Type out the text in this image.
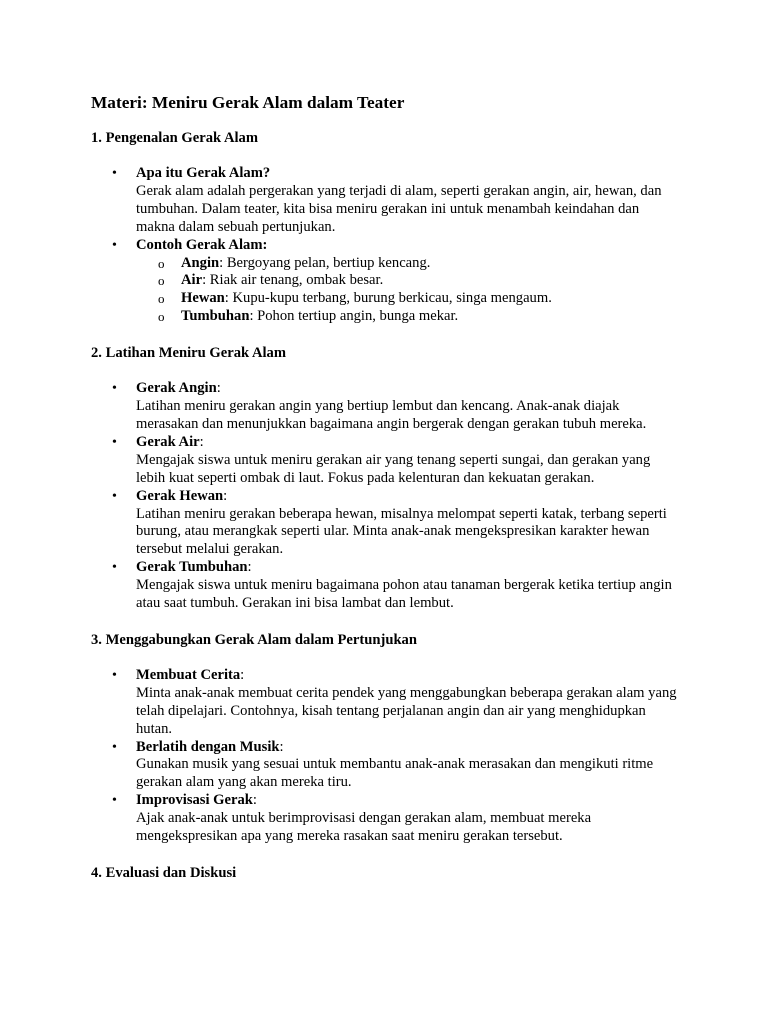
Materi: Meniru Gerak Alam dalam Teater
1. Pengenalan Gerak Alam
• Apa itu Gerak Alam?
Gerak alam adalah pergerakan yang terjadi di alam, seperti gerakan angin, air, hewan, dan tumbuhan. Dalam teater, kita bisa meniru gerakan ini untuk menambah keindahan dan makna dalam sebuah pertunjukan.
• Contoh Gerak Alam:
o Angin: Bergoyang pelan, bertiup kencang.
o Air: Riak air tenang, ombak besar.
o Hewan: Kupu-kupu terbang, burung berkicau, singa mengaum.
o Tumbuhan: Pohon tertiup angin, bunga mekar.
2. Latihan Meniru Gerak Alam
• Gerak Angin:
Latihan meniru gerakan angin yang bertiup lembut dan kencang. Anak-anak diajak merasakan dan menunjukkan bagaimana angin bergerak dengan gerakan tubuh mereka.
• Gerak Air:
Mengajak siswa untuk meniru gerakan air yang tenang seperti sungai, dan gerakan yang lebih kuat seperti ombak di laut. Fokus pada kelenturan dan kekuatan gerakan.
• Gerak Hewan:
Latihan meniru gerakan beberapa hewan, misalnya melompat seperti katak, terbang seperti burung, atau merangkak seperti ular. Minta anak-anak mengekspresikan karakter hewan tersebut melalui gerakan.
• Gerak Tumbuhan:
Mengajak siswa untuk meniru bagaimana pohon atau tanaman bergerak ketika tertiup angin atau saat tumbuh. Gerakan ini bisa lambat dan lembut.
3. Menggabungkan Gerak Alam dalam Pertunjukan
• Membuat Cerita:
Minta anak-anak membuat cerita pendek yang menggabungkan beberapa gerakan alam yang telah dipelajari. Contohnya, kisah tentang perjalanan angin dan air yang menghidupkan hutan.
• Berlatih dengan Musik:
Gunakan musik yang sesuai untuk membantu anak-anak merasakan dan mengikuti ritme gerakan alam yang akan mereka tiru.
• Improvisasi Gerak:
Ajak anak-anak untuk berimprovisasi dengan gerakan alam, membuat mereka mengekspresikan apa yang mereka rasakan saat meniru gerakan tersebut.
4. Evaluasi dan Diskusi
